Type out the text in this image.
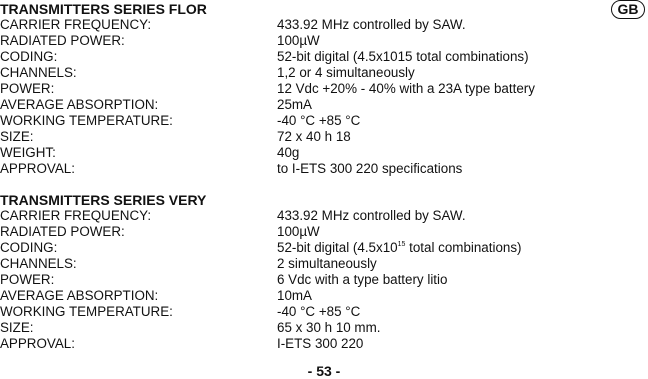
GB
TRANSMITTERS SERIES FLOR
CARRIER FREQUENCY:	433.92 MHz controlled by SAW.
RADIATED POWER:	100µW
CODING:	52-bit digital (4.5x1015 total combinations)
CHANNELS:	1,2 or 4 simultaneously
POWER:	12 Vdc +20% - 40% with a 23A type battery
AVERAGE ABSORPTION:	25mA
WORKING TEMPERATURE:	-40 °C +85 °C
SIZE:	72 x 40 h 18
WEIGHT:	40g
APPROVAL:	to I-ETS 300 220 specifications
TRANSMITTERS SERIES VERY
CARRIER FREQUENCY:	433.92 MHz controlled by SAW.
RADIATED POWER:	100µW
CODING:	52-bit digital ($4.5x10^{15}$ total combinations)
CHANNELS:	2 simultaneously
POWER:	6 Vdc with a type battery litio
AVERAGE ABSORPTION:	10mA
WORKING TEMPERATURE:	-40 °C +85 °C
SIZE:	65 x 30 h 10 mm.
APPROVAL:	I-ETS 300 220
- 53 -
